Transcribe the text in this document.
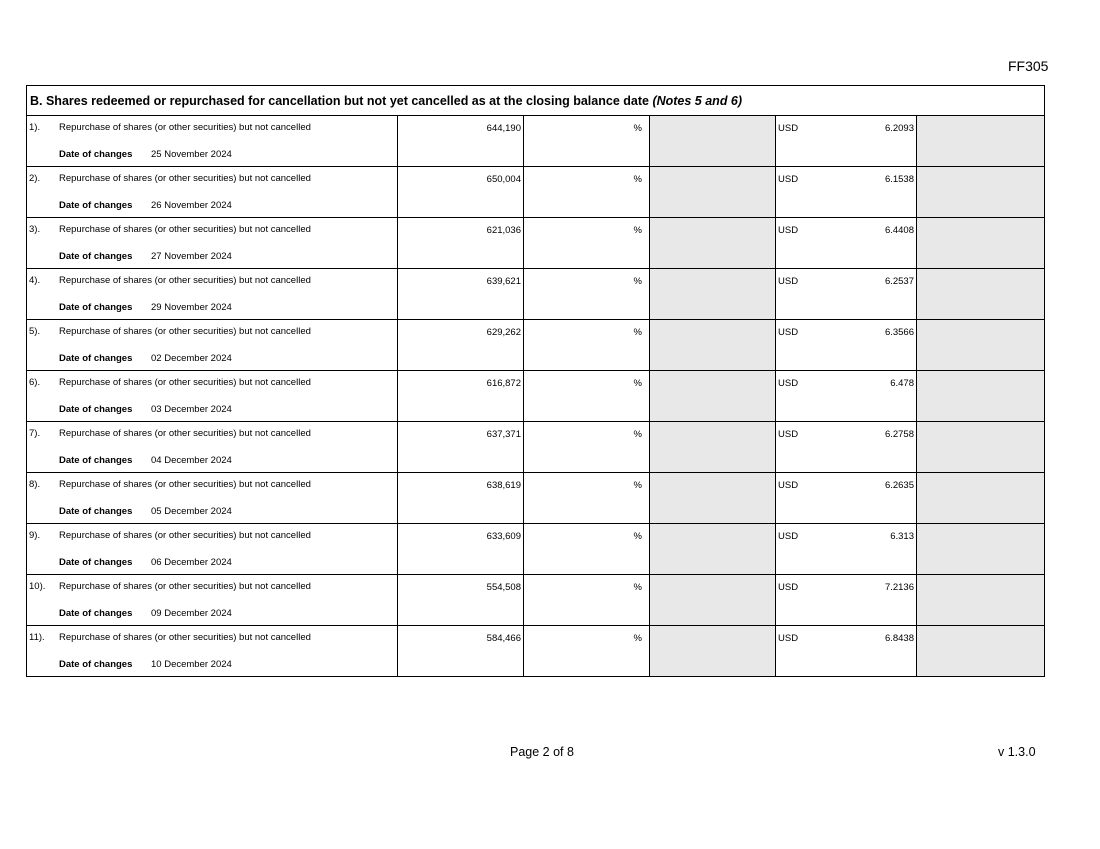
FF305
B. Shares redeemed or repurchased for cancellation but not yet cancelled as at the closing balance date (Notes 5 and 6)					

1). Repurchase of shares (or other securities) but not cancelled
Date of changes 25 November 2024	644,190	%		USD 6.2093	

2). Repurchase of shares (or other securities) but not cancelled
Date of changes 26 November 2024	650,004	%		USD 6.1538	

3). Repurchase of shares (or other securities) but not cancelled
Date of changes 27 November 2024	621,036	%		USD 6.4408	

4). Repurchase of shares (or other securities) but not cancelled
Date of changes 29 November 2024	639,621	%		USD 6.2537	

5). Repurchase of shares (or other securities) but not cancelled
Date of changes 02 December 2024	629,262	%		USD 6.3566	

6). Repurchase of shares (or other securities) but not cancelled
Date of changes 03 December 2024	616,872	%		USD 6.478	

7). Repurchase of shares (or other securities) but not cancelled
Date of changes 04 December 2024	637,371	%		USD 6.2758	

8). Repurchase of shares (or other securities) but not cancelled
Date of changes 05 December 2024	638,619	%		USD 6.2635	

9). Repurchase of shares (or other securities) but not cancelled
Date of changes 06 December 2024	633,609	%		USD 6.313	

10). Repurchase of shares (or other securities) but not cancelled
Date of changes 09 December 2024	554,508	%		USD 7.2136	

11). Repurchase of shares (or other securities) but not cancelled
Date of changes 10 December 2024	584,466	%		USD 6.8438	

Page 2 of 8	v 1.3.0
